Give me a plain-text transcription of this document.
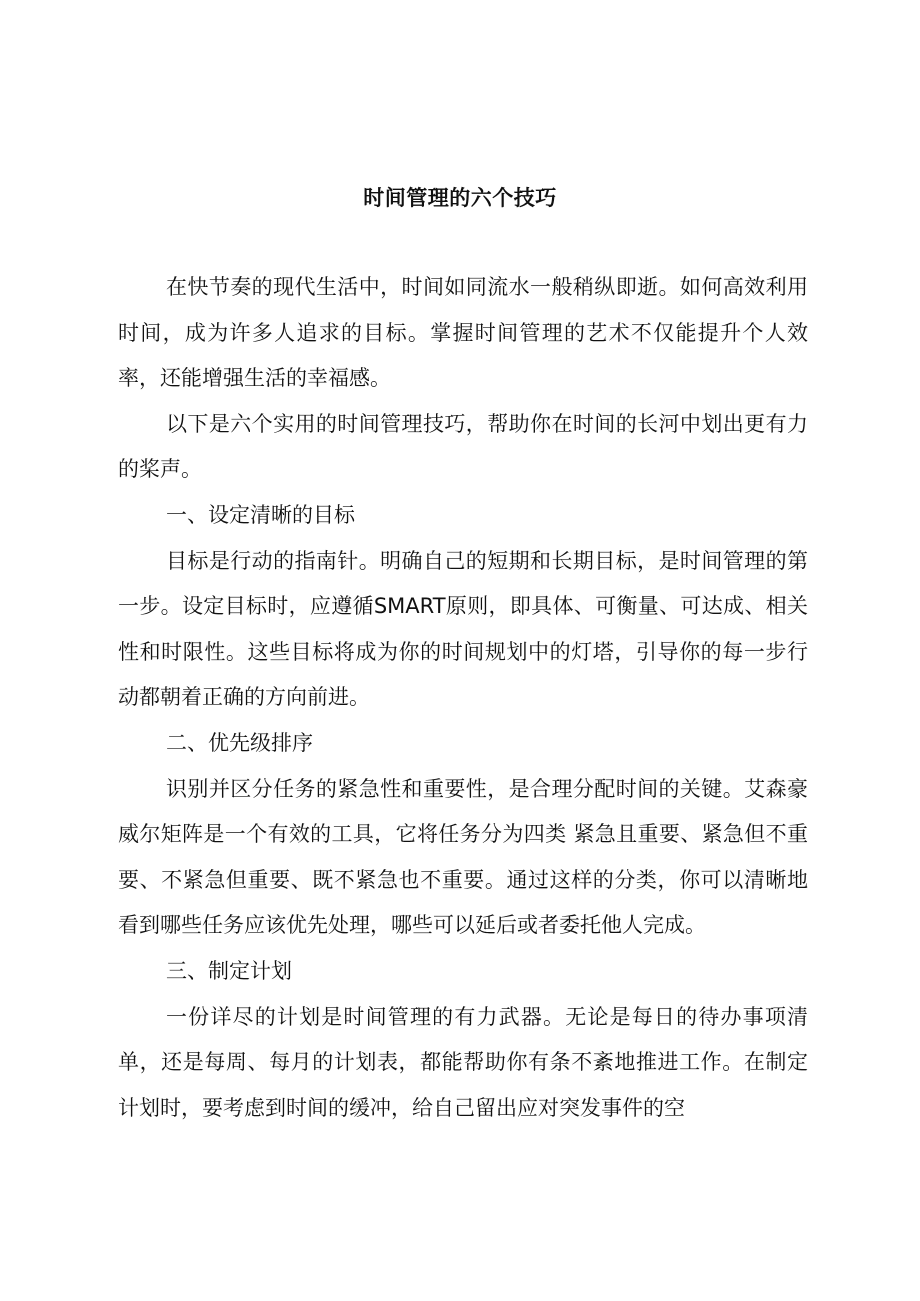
时间管理的六个技巧

在快节奏的现代生活中，时间如同流水一般稍纵即逝。如何高效利用时间，成为许多人追求的目标。掌握时间管理的艺术不仅能提升个人效率，还能增强生活的幸福感。

以下是六个实用的时间管理技巧，帮助你在时间的长河中划出更有力的桨声。

一、设定清晰的目标

目标是行动的指南针。明确自己的短期和长期目标，是时间管理的第一步。设定目标时，应遵循SMART原则，即具体、可衡量、可达成、相关性和时限性。这些目标将成为你的时间规划中的灯塔，引导你的每一步行动都朝着正确的方向前进。

二、优先级排序

识别并区分任务的紧急性和重要性，是合理分配时间的关键。艾森豪威尔矩阵是一个有效的工具，它将任务分为四类 紧急且重要、紧急但不重要、不紧急但重要、既不紧急也不重要。通过这样的分类，你可以清晰地看到哪些任务应该优先处理，哪些可以延后或者委托他人完成。

三、制定计划

一份详尽的计划是时间管理的有力武器。无论是每日的待办事项清单，还是每周、每月的计划表，都能帮助你有条不紊地推进工作。在制定计划时，要考虑到时间的缓冲，给自己留出应对突发事件的空
